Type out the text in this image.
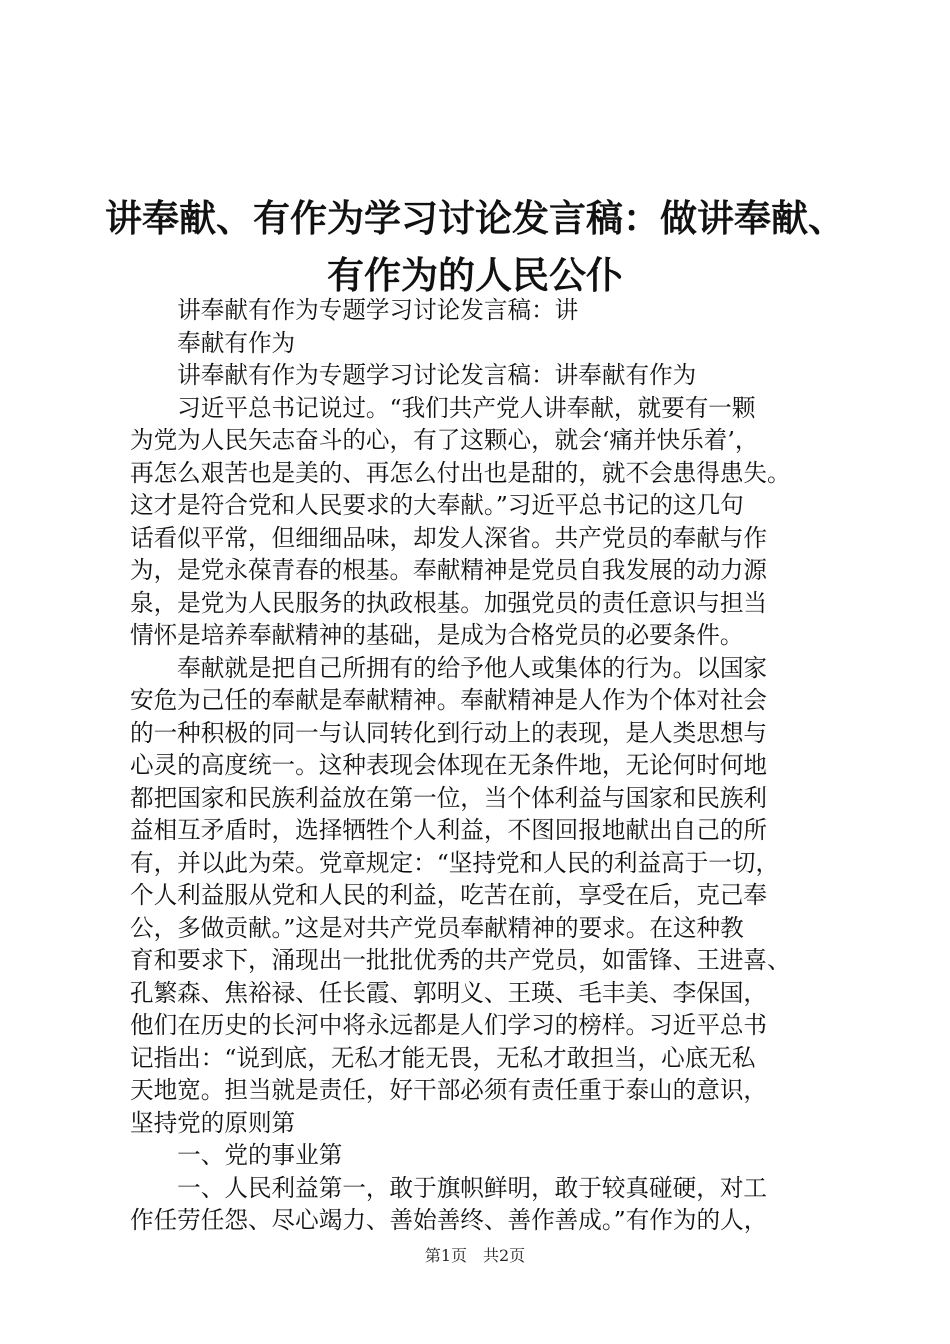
讲奉献、有作为学习讨论发言稿：做讲奉献、
有作为的人民公仆

　　讲奉献有作为专题学习讨论发言稿：讲

　　奉献有作为

　　讲奉献有作为专题学习讨论发言稿：讲奉献有作为

　　习近平总书记说过。“我们共产党人讲奉献，就要有一颗

为党为人民矢志奋斗的心，有了这颗心，就会‘痛并快乐着’，

再怎么艰苦也是美的、再怎么付出也是甜的，就不会患得患失。

这才是符合党和人民要求的大奉献。”习近平总书记的这几句

话看似平常，但细细品味，却发人深省。共产党员的奉献与作

为，是党永葆青春的根基。奉献精神是党员自我发展的动力源

泉，是党为人民服务的执政根基。加强党员的责任意识与担当

情怀是培养奉献精神的基础，是成为合格党员的必要条件。

　　奉献就是把自己所拥有的给予他人或集体的行为。以国家

安危为己任的奉献是奉献精神。奉献精神是人作为个体对社会

的一种积极的同一与认同转化到行动上的表现，是人类思想与

心灵的高度统一。这种表现会体现在无条件地，无论何时何地

都把国家和民族利益放在第一位，当个体利益与国家和民族利

益相互矛盾时，选择牺牲个人利益，不图回报地献出自己的所

有，并以此为荣。党章规定：“坚持党和人民的利益高于一切，

个人利益服从党和人民的利益，吃苦在前，享受在后，克己奉

公，多做贡献。”这是对共产党员奉献精神的要求。在这种教

育和要求下，涌现出一批批优秀的共产党员，如雷锋、王进喜、

孔繁森、焦裕禄、任长霞、郭明义、王瑛、毛丰美、李保国，

他们在历史的长河中将永远都是人们学习的榜样。习近平总书

记指出：“说到底，无私才能无畏，无私才敢担当，心底无私

天地宽。担当就是责任，好干部必须有责任重于泰山的意识，

坚持党的原则第

　　一、党的事业第

　　一、人民利益第一，敢于旗帜鲜明，敢于较真碰硬，对工

作任劳任怨、尽心竭力、善始善终、善作善成。”有作为的人，

第1页　共2页
